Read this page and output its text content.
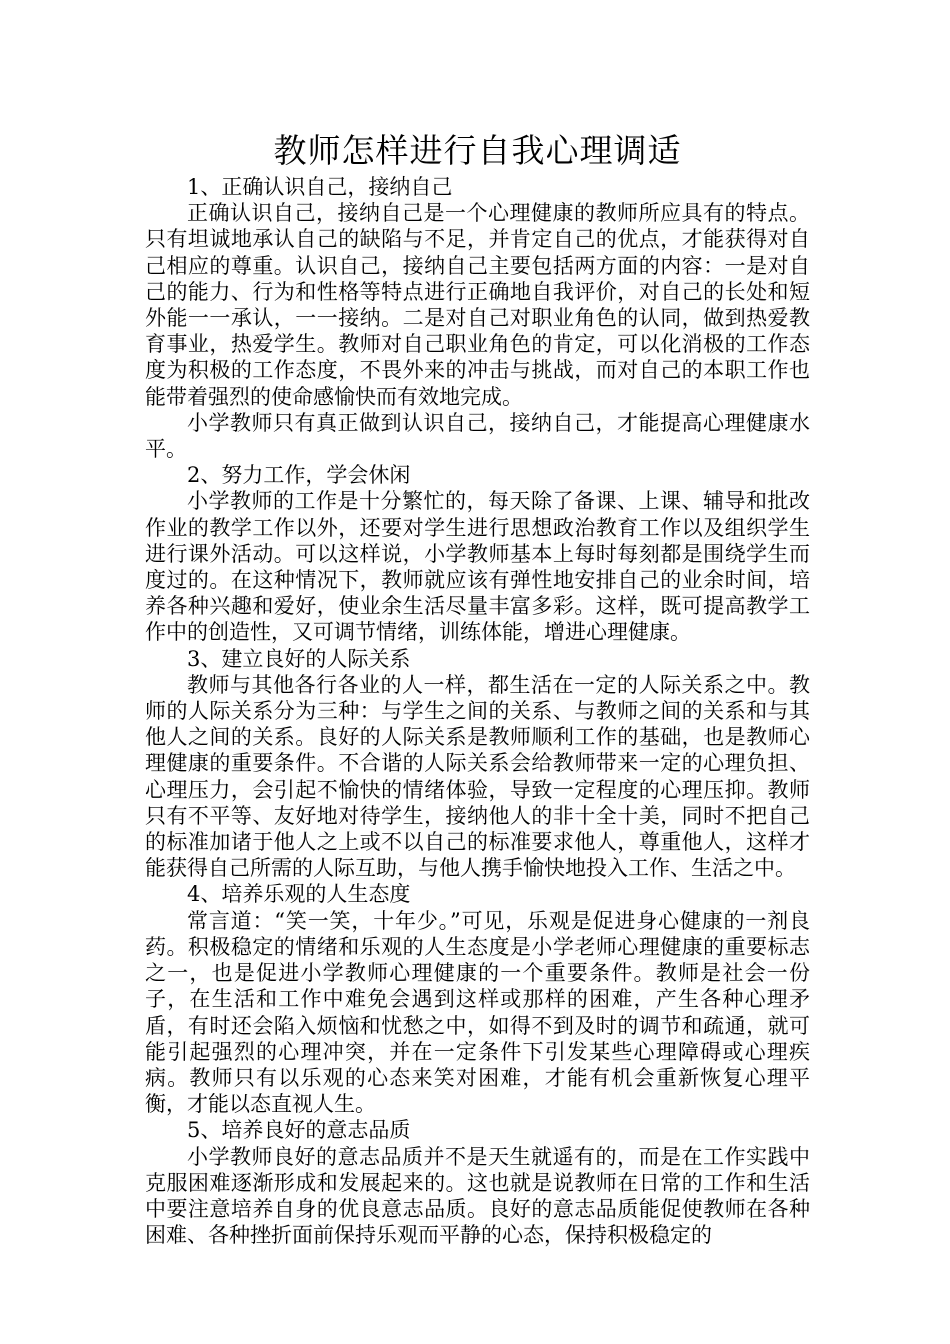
教师怎样进行自我心理调适

1、正确认识自己，接纳自己

正确认识自己，接纳自己是一个心理健康的教师所应具有的特点。只有坦诚地承认自己的缺陷与不足，并肯定自己的优点，才能获得对自己相应的尊重。认识自己，接纳自己主要包括两方面的内容：一是对自己的能力、行为和性格等特点进行正确地自我评价，对自己的长处和短外能一一承认，一一接纳。二是对自己对职业角色的认同，做到热爱教育事业，热爱学生。教师对自己职业角色的肯定，可以化消极的工作态度为积极的工作态度，不畏外来的冲击与挑战，而对自己的本职工作也能带着强烈的使命感愉快而有效地完成。

小学教师只有真正做到认识自己，接纳自己，才能提高心理健康水平。

2、努力工作，学会休闲

小学教师的工作是十分繁忙的，每天除了备课、上课、辅导和批改作业的教学工作以外，还要对学生进行思想政治教育工作以及组织学生进行课外活动。可以这样说，小学教师基本上每时每刻都是围绕学生而度过的。在这种情况下，教师就应该有弹性地安排自己的业余时间，培养各种兴趣和爱好，使业余生活尽量丰富多彩。这样，既可提高教学工作中的创造性，又可调节情绪，训练体能，增进心理健康。

3、建立良好的人际关系

教师与其他各行各业的人一样，都生活在一定的人际关系之中。教师的人际关系分为三种：与学生之间的关系、与教师之间的关系和与其他人之间的关系。良好的人际关系是教师顺利工作的基础，也是教师心理健康的重要条件。不合谐的人际关系会给教师带来一定的心理负担、心理压力，会引起不愉快的情绪体验，导致一定程度的心理压抑。教师只有不平等、友好地对待学生，接纳他人的非十全十美，同时不把自己的标准加诸于他人之上或不以自己的标准要求他人，尊重他人，这样才能获得自己所需的人际互助，与他人携手愉快地投入工作、生活之中。

4、培养乐观的人生态度

常言道：“笑一笑，十年少。”可见，乐观是促进身心健康的一剂良药。积极稳定的情绪和乐观的人生态度是小学老师心理健康的重要标志之一，也是促进小学教师心理健康的一个重要条件。教师是社会一份子，在生活和工作中难免会遇到这样或那样的困难，产生各种心理矛盾，有时还会陷入烦恼和忧愁之中，如得不到及时的调节和疏通，就可能引起强烈的心理冲突，并在一定条件下引发某些心理障碍或心理疾病。教师只有以乐观的心态来笑对困难，才能有机会重新恢复心理平衡，才能以态直视人生。

5、培养良好的意志品质

小学教师良好的意志品质并不是天生就遥有的，而是在工作实践中克服困难逐渐形成和发展起来的。这也就是说教师在日常的工作和生活中要注意培养自身的优良意志品质。良好的意志品质能促使教师在各种困难、各种挫折面前保持乐观而平静的心态，保持积极稳定的
